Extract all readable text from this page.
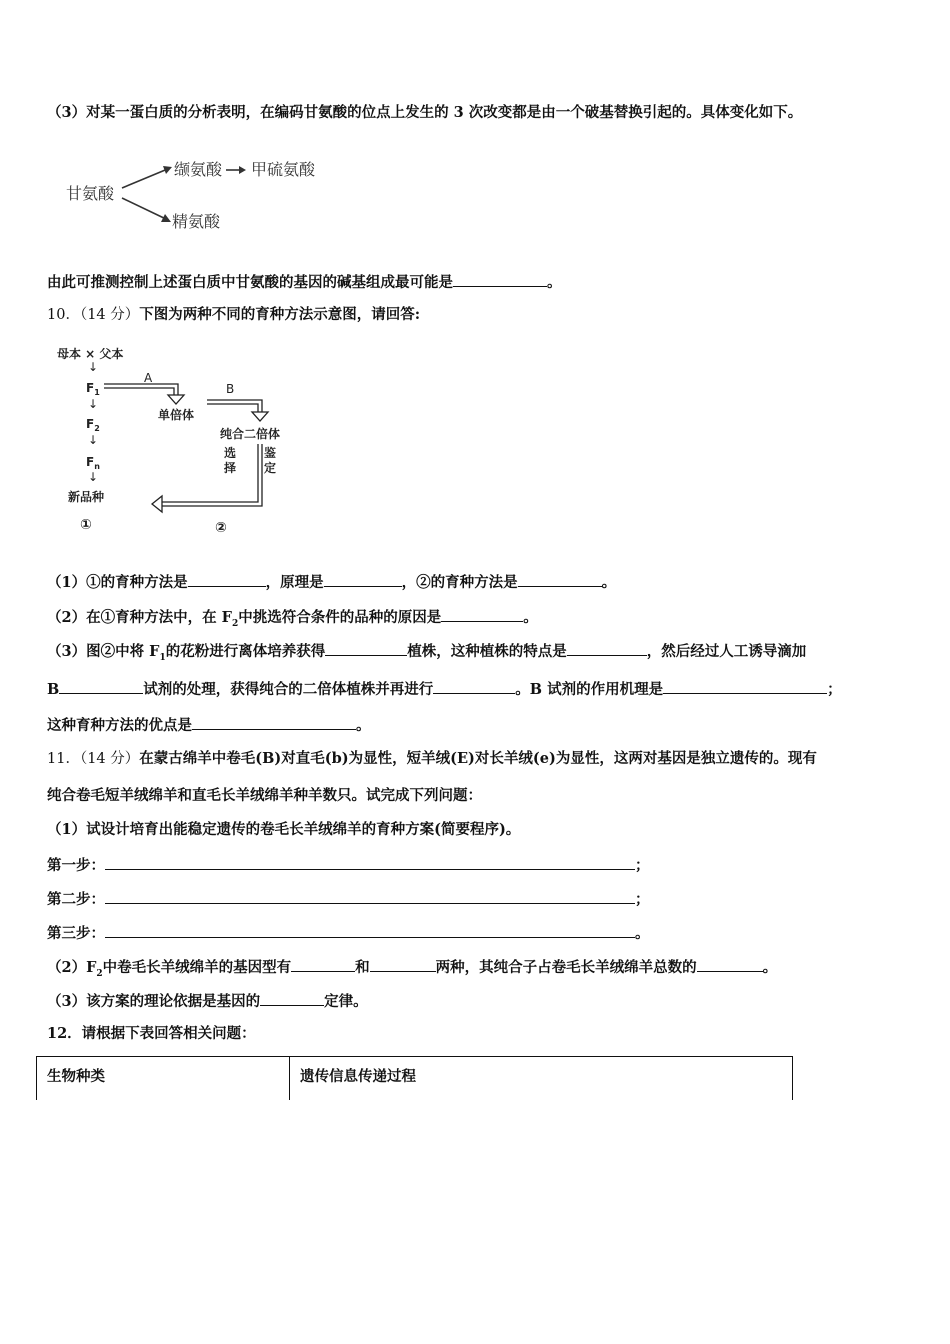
（3）对某一蛋白质的分析表明，在编码甘氨酸的位点上发生的 3 次改变都是由一个破基替换引起的。具体变化如下。
甘氨酸
缬氨酸 甲硫氨酸
精氨酸
由此可推测控制上述蛋白质中甘氨酸的基因的碱基组成最可能是	。
10．（14 分）下图为两种不同的育种方法示意图，请回答:
母本 × 父本
↓
$F_1$
↓
$F_2$
↓
$F_n$
↓
新品种
①
A
单倍体
B
纯合二倍体
选
择
鉴
定
②
（1）①的育种方法是	，原理是	，②的育种方法是	。
（2）在①育种方法中，在 $F_2$中挑选符合条件的品种的原因是	。
（3）图②中将 $F_1$的花粉进行离体培养获得	植株，这种植株的特点是	，然后经过人工诱导滴加
B	试剂的处理，获得纯合的二倍体植株并再进行	。B 试剂的作用机理是	；
这种育种方法的优点是	。
11．（14 分）在蒙古绵羊中卷毛(B)对直毛(b)为显性，短羊绒(E)对长羊绒(e)为显性，这两对基因是独立遗传的。现有
纯合卷毛短羊绒绵羊和直毛长羊绒绵羊种羊数只。试完成下列问题：
（1）试设计培育出能稳定遗传的卷毛长羊绒绵羊的育种方案(简要程序)。
第一步：	；
第二步：	；
第三步：	。
$(2)F_2$中卷毛长羊绒绵羊的基因型有	和	两种，其纯合子占卷毛长羊绒绵羊总数的	。
（3）该方案的理论依据是基因的	定律。
12．请根据下表回答相关问题：
生物种类	遗传信息传递过程
